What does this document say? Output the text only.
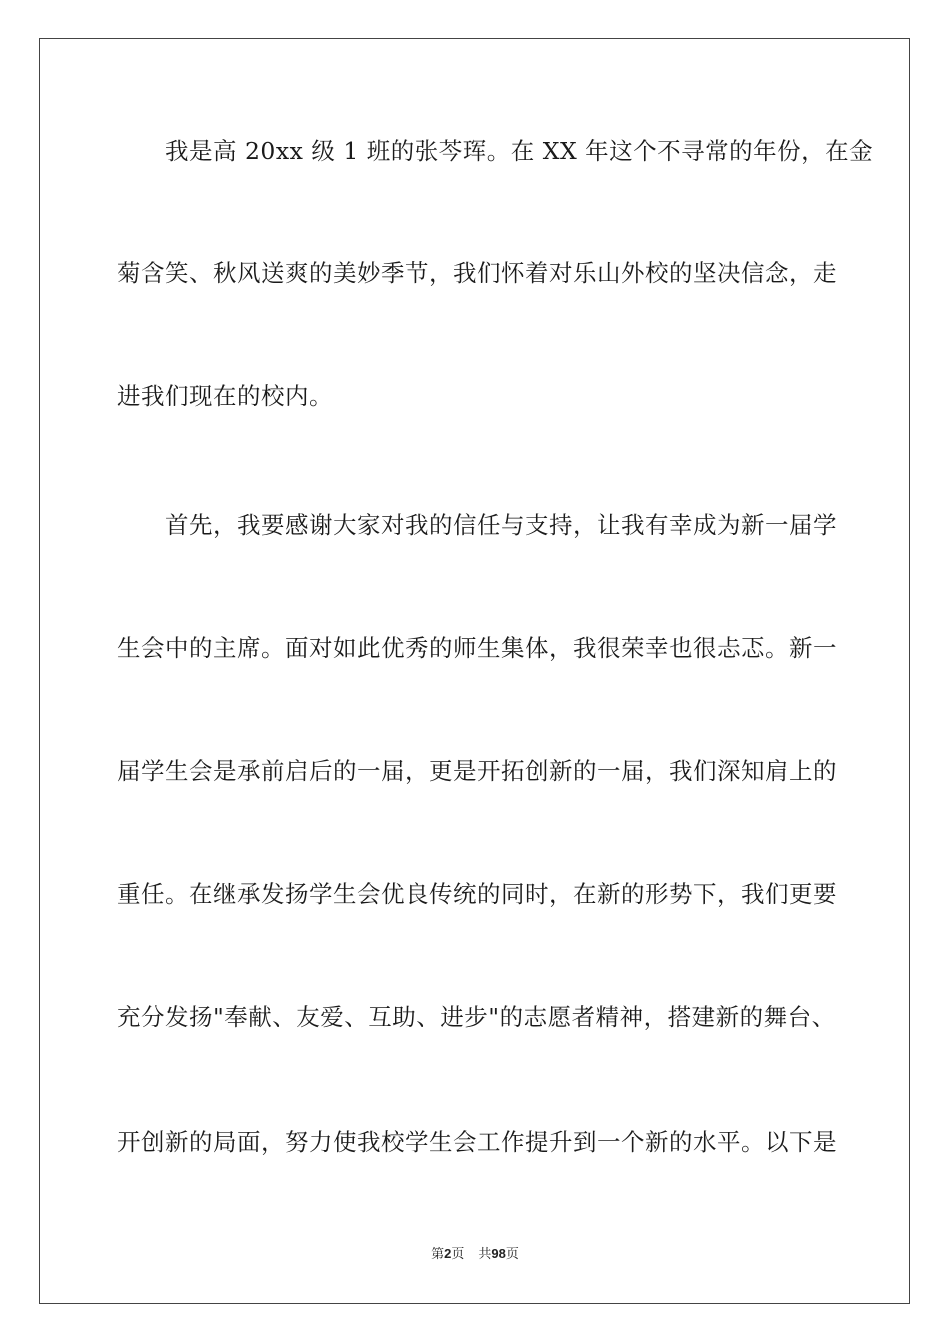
我是高 20xx 级 1 班的张芩珲。在 XX 年这个不寻常的年份，在金
菊含笑、秋风送爽的美妙季节，我们怀着对乐山外校的坚决信念，走
进我们现在的校内。
首先，我要感谢大家对我的信任与支持，让我有幸成为新一届学
生会中的主席。面对如此优秀的师生集体，我很荣幸也很忐忑。新一
届学生会是承前启后的一届，更是开拓创新的一届，我们深知肩上的
重任。在继承发扬学生会优良传统的同时，在新的形势下，我们更要
充分发扬"奉献、友爱、互助、进步"的志愿者精神，搭建新的舞台、
开创新的局面，努力使我校学生会工作提升到一个新的水平。以下是
第2页 共98页
